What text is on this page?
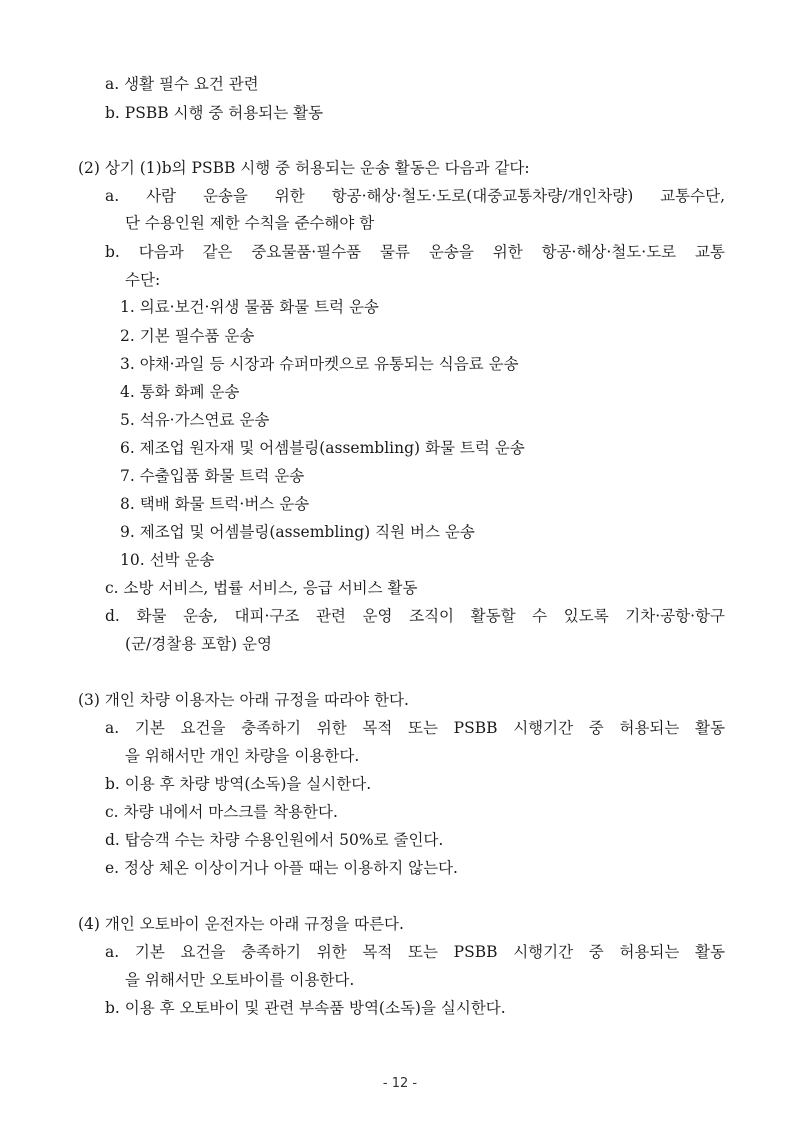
a. 생활 필수 요건 관련
b. PSBB 시행 중 허용되는 활동
(2) 상기 (1)b의 PSBB 시행 중 허용되는 운송 활동은 다음과 같다:
a. 사람 운송을 위한 항공·해상·철도·도로(대중교통차량/개인차량) 교통수단,
단 수용인원 제한 수칙을 준수해야 함
b. 다음과 같은 중요물품·필수품 물류 운송을 위한 항공·해상·철도·도로 교통
수단:
1. 의료·보건·위생 물품 화물 트럭 운송
2. 기본 필수품 운송
3. 야채·과일 등 시장과 슈퍼마켓으로 유통되는 식음료 운송
4. 통화 화폐 운송
5. 석유·가스연료 운송
6. 제조업 원자재 및 어셈블링(assembling) 화물 트럭 운송
7. 수출입품 화물 트럭 운송
8. 택배 화물 트럭·버스 운송
9. 제조업 및 어셈블링(assembling) 직원 버스 운송
10. 선박 운송
c. 소방 서비스, 법률 서비스, 응급 서비스 활동
d. 화물 운송, 대피·구조 관련 운영 조직이 활동할 수 있도록 기차·공항·항구
(군/경찰용 포함) 운영
(3) 개인 차량 이용자는 아래 규정을 따라야 한다.
a. 기본 요건을 충족하기 위한 목적 또는 PSBB 시행기간 중 허용되는 활동
을 위해서만 개인 차량을 이용한다.
b. 이용 후 차량 방역(소독)을 실시한다.
c. 차량 내에서 마스크를 착용한다.
d. 탑승객 수는 차량 수용인원에서 50%로 줄인다.
e. 정상 체온 이상이거나 아플 때는 이용하지 않는다.
(4) 개인 오토바이 운전자는 아래 규정을 따른다.
a. 기본 요건을 충족하기 위한 목적 또는 PSBB 시행기간 중 허용되는 활동
을 위해서만 오토바이를 이용한다.
b. 이용 후 오토바이 및 관련 부속품 방역(소독)을 실시한다.
- 12 -
